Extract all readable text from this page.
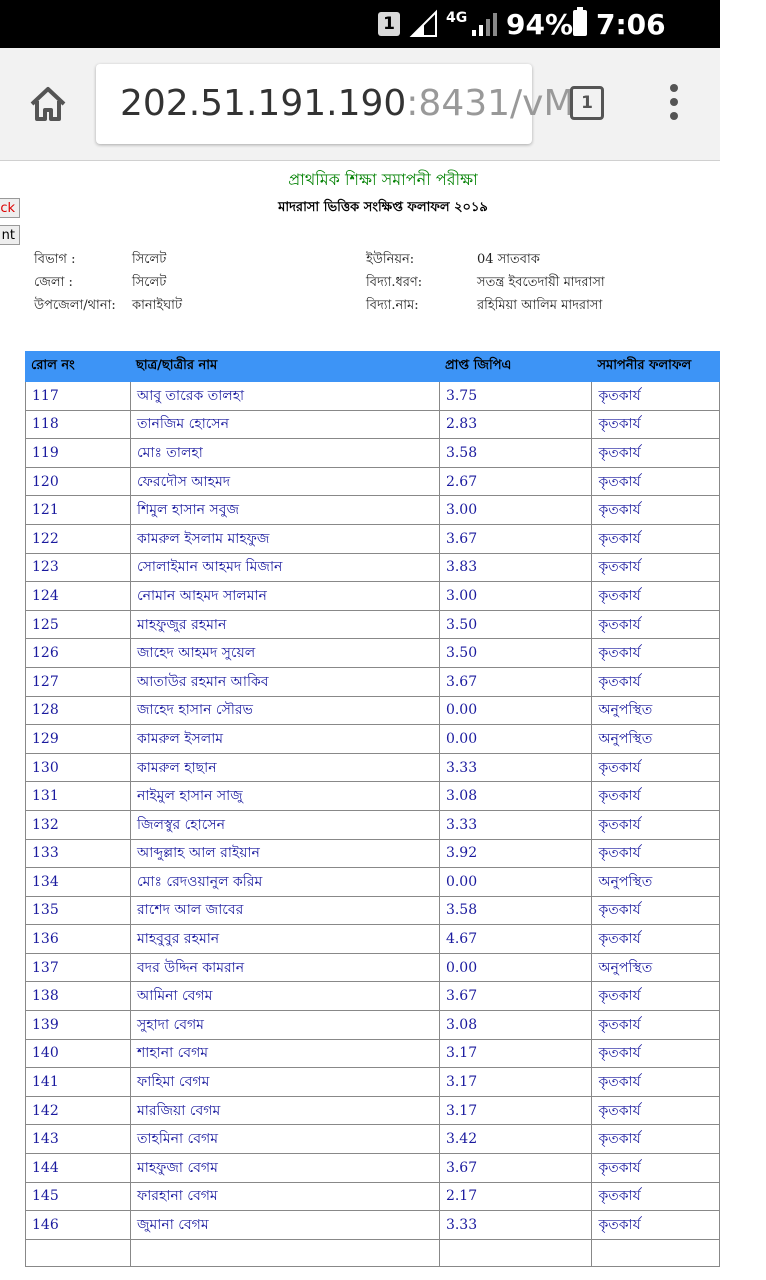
1	4G 94% 7:06
202.51.191.190:8431/vM 1
প্রাথমিক শিক্ষা সমাপনী পরীক্ষা
মাদরাসা ভিত্তিক সংক্ষিপ্ত ফলাফল ২০১৯
ck
nt
বিভাগ :	সিলেট
জেলা :	সিলেট
উপজেলা/থানা: কানাইঘাট
ইউনিয়ন:	04 সাতবাক
বিদ্যা.ধরণ:	সতন্ত্র ইবতেদায়ী মাদরাসা
বিদ্যা.নাম:	রহিমিয়া আলিম মাদরাসা
রোল নং	ছাত্র/ছাত্রীর নাম	প্রাপ্ত জিপিএ	সমাপনীর ফলাফল
117	আবু তারেক তালহা	3.75	কৃতকার্য
118	তানজিম হোসেন	2.83	কৃতকার্য
119	মোঃ তালহা	3.58	কৃতকার্য
120	ফেরদৌস আহমদ	2.67	কৃতকার্য
121	শিমুল হাসান সবুজ	3.00	কৃতকার্য
122	কামরুল ইসলাম মাহফুজ	3.67	কৃতকার্য
123	সোলাইমান আহমদ মিজান	3.83	কৃতকার্য
124	নোমান আহমদ সালমান	3.00	কৃতকার্য
125	মাহফুজুর রহমান	3.50	কৃতকার্য
126	জাহেদ আহমদ সুয়েল	3.50	কৃতকার্য
127	আতাউর রহমান আকিব	3.67	কৃতকার্য
128	জাহেদ হাসান সৌরভ	0.00	অনুপস্থিত
129	কামরুল ইসলাম	0.00	অনুপস্থিত
130	কামরুল হাছান	3.33	কৃতকার্য
131	নাইমুল হাসান সাজু	3.08	কৃতকার্য
132	জিলস্বুর হোসেন	3.33	কৃতকার্য
133	আব্দুল্লাহ আল রাইয়ান	3.92	কৃতকার্য
134	মোঃ রেদওয়ানুল করিম	0.00	অনুপস্থিত
135	রাশেদ আল জাবের	3.58	কৃতকার্য
136	মাহবুবুর রহমান	4.67	কৃতকার্য
137	বদর উদ্দিন কামরান	0.00	অনুপস্থিত
138	আমিনা বেগম	3.67	কৃতকার্য
139	সুহাদা বেগম	3.08	কৃতকার্য
140	শাহানা বেগম	3.17	কৃতকার্য
141	ফাহিমা বেগম	3.17	কৃতকার্য
142	মারজিয়া বেগম	3.17	কৃতকার্য
143	তাহমিনা বেগম	3.42	কৃতকার্য
144	মাহফুজা বেগম	3.67	কৃতকার্য
145	ফারহানা বেগম	2.17	কৃতকার্য
146	জুমানা বেগম	3.33	কৃতকার্য
